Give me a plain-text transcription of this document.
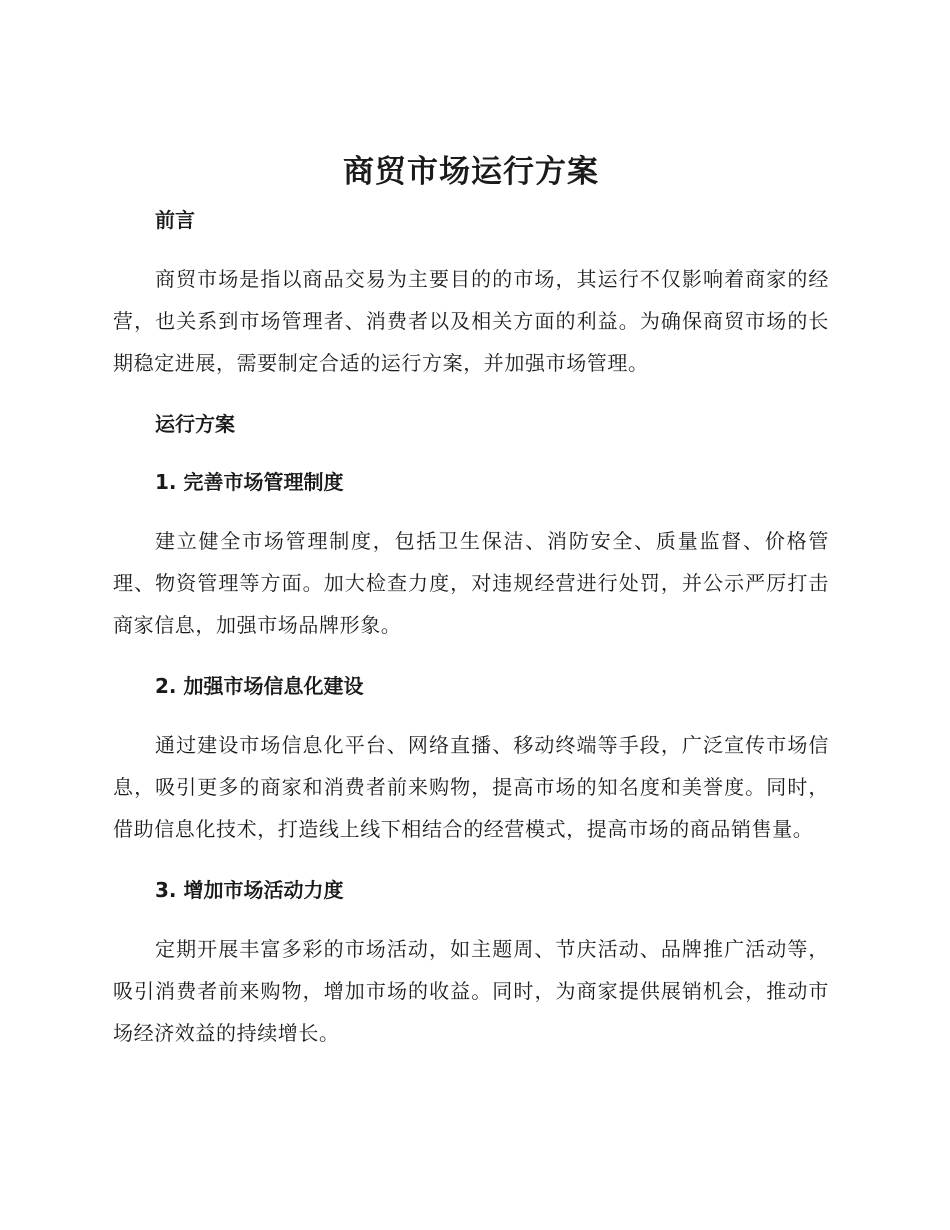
商贸市场运行方案
前言

商贸市场是指以商品交易为主要目的的市场，其运行不仅影响着商家的经营，也关系到市场管理者、消费者以及相关方面的利益。为确保商贸市场的长期稳定进展，需要制定合适的运行方案，并加强市场管理。

运行方案
1. 完善市场管理制度

建立健全市场管理制度，包括卫生保洁、消防安全、质量监督、价格管理、物资管理等方面。加大检查力度，对违规经营进行处罚，并公示严厉打击商家信息，加强市场品牌形象。

2. 加强市场信息化建设

通过建设市场信息化平台、网络直播、移动终端等手段，广泛宣传市场信息，吸引更多的商家和消费者前来购物，提高市场的知名度和美誉度。同时，借助信息化技术，打造线上线下相结合的经营模式，提高市场的商品销售量。

3. 增加市场活动力度

定期开展丰富多彩的市场活动，如主题周、节庆活动、品牌推广活动等，吸引消费者前来购物，增加市场的收益。同时，为商家提供展销机会，推动市场经济效益的持续增长。
